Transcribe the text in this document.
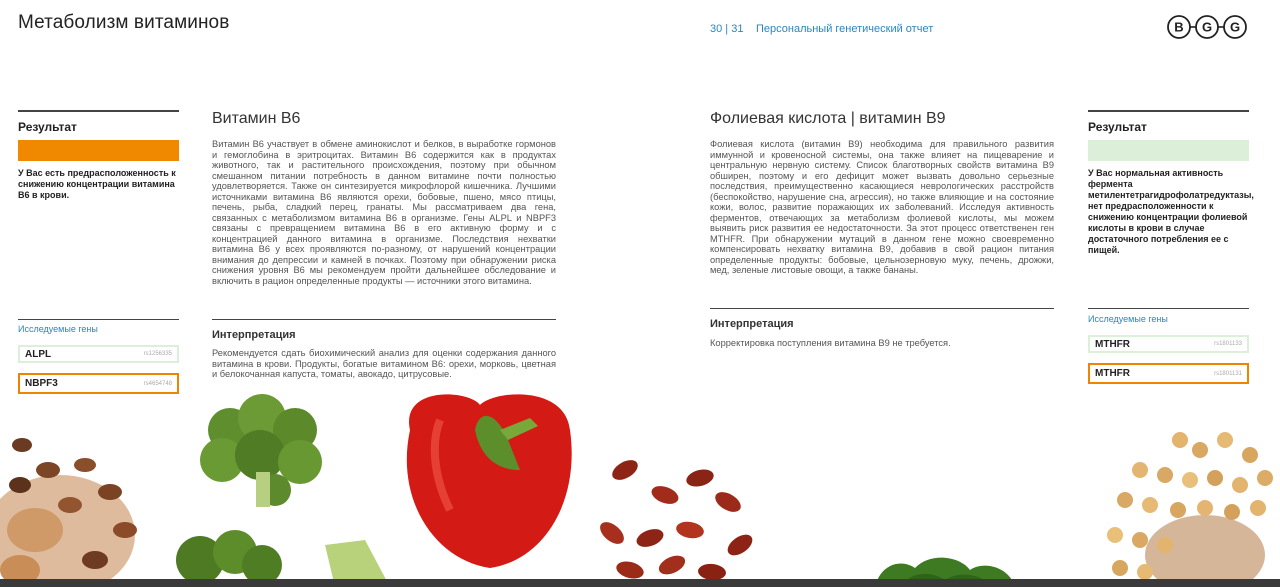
Метаболизм витаминов	30 | 31 Персональный генетический отчет	B G G
Результат
У Вас есть предрасположенность к снижению концентрации витамина В6 в крови.
Исследуемые гены
ALPL	rs1256335
NBPF3	rs4654748
Витамин В6
Витамин В6 участвует в обмене аминокислот и белков, в выработке гормонов и гемоглобина в эритроцитах. Витамин В6 содержится как в продуктах животного, так и растительного происхождения, поэтому при обычном смешанном питании потребность в данном витамине почти полностью удовлетворяется. Также он синтезируется микрофлорой кишечника. Лучшими источниками витамина В6 являются орехи, бобовые, пшено, мясо птицы, печень, рыба, сладкий перец, гранаты. Мы рассматриваем два гена, связанных с метаболизмом витамина В6 в организме. Гены ALPL и NBPF3 связаны с превращением витамина В6 в его активную форму и с концентрацией данного витамина в организме. Последствия нехватки витамина В6 у всех проявляются по-разному, от нарушений концентрации внимания до депрессии и камней в почках. Поэтому при обнаружении риска снижения уровня В6 мы рекомендуем пройти дальнейшее обследование и включить в рацион определенные продукты — источники этого витамина.
Интерпретация
Рекомендуется сдать биохимический анализ для оценки содержания данного витамина в крови. Продукты, богатые витамином В6: орехи, морковь, цветная и белокочанная капуста, томаты, авокадо, цитрусовые.
Фолиевая кислота | витамин В9
Фолиевая кислота (витамин В9) необходима для правильного развития иммунной и кровеносной системы, она также влияет на пищеварение и центральную нервную систему. Список благотворных свойств витамина В9 обширен, поэтому и его дефицит может вызвать довольно серьезные последствия, преимущественно касающиеся неврологических расстройств (беспокойство, нарушение сна, агрессия), но также влияющие и на состояние кожи, волос, развитие поражающих их заболеваний. Исследуя активность ферментов, отвечающих за метаболизм фолиевой кислоты, мы можем выявить риск развития ее недостаточности. За этот процесс ответственен ген MTHFR. При обнаружении мутаций в данном гене можно своевременно компенсировать нехватку витамина В9, добавив в свой рацион питания определенные продукты: бобовые, цельнозерновую муку, печень, дрожжи, мед, зеленые листовые овощи, а также бананы.
Интерпретация
Корректировка поступления витамина В9 не требуется.
Результат
У Вас нормальная активность фермента метилентетрагидрофолатредуктазы, нет предрасположенности к снижению концентрации фолиевой кислоты в крови в случае достаточного потребления ее с пищей.
Исследуемые гены
MTHFR	rs1801133
MTHFR	rs1801131
